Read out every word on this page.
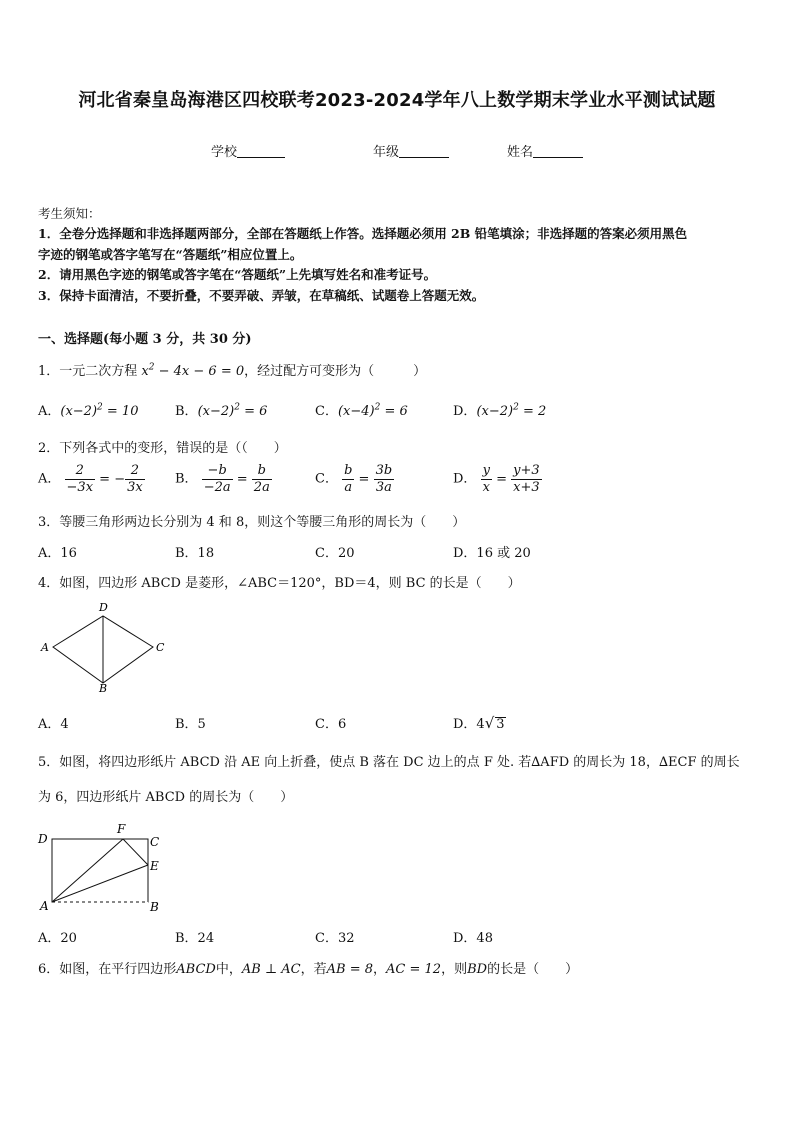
河北省秦皇岛海港区四校联考2023-2024学年八上数学期末学业水平测试试题
学校	年级	姓名
考生须知：
1．全卷分选择题和非选择题两部分，全部在答题纸上作答。选择题必须用 2B 铅笔填涂；非选择题的答案必须用黑色
字迹的钢笔或答字笔写在“答题纸”相应位置上。
2．请用黑色字迹的钢笔或答字笔在“答题纸”上先填写姓名和准考证号。
3．保持卡面清洁，不要折叠，不要弄破、弄皱，在草稿纸、试题卷上答题无效。
一、选择题(每小题 3 分，共 30 分)
1．一元二次方程 $x^2 - 4x - 6 = 0$，经过配方可变形为（　　　）
A．$(x-2)^2 = 10$	B．$(x-2)^2 = 6$	C．$(x-4)^2 = 6$	D．$(x-2)^2 = 2$
2．下列各式中的变形，错误的是（（　　）
A． $\frac{2}{-3x}$ = − $\frac{2}{3x}$ B． $\frac{-b}{-2a} = \frac{b}{2a}$	C． $\frac{b}{a} = \frac{3b}{3a}$	D． $\frac{y}{x} = \frac{y+3}{x+3}$
3．等腰三角形两边长分别为 4 和 8，则这个等腰三角形的周长为（　　）
A．16	B．18	C．20	D．16 或 20
4．如图，四边形 ABCD 是菱形，∠ABC＝120°，BD＝4，则 BC 的长是（　　）
A
D
C
B
A．4	B．5	C．6	D．4√ 3
5．如图，将四边形纸片 ABCD 沿 AE 向上折叠，使点 B 落在 DC 边上的点 F 处. 若∆AFD 的周长为 18，∆ECF 的周长
为 6，四边形纸片 ABCD 的周长为（　　）
D
F
C
E
A	B
A．20	B．24	C．32	D．48
6．如图，在平行四边形ABCD中，AB ⊥ AC，若AB = 8，AC = 12，则BD的长是（　　）
